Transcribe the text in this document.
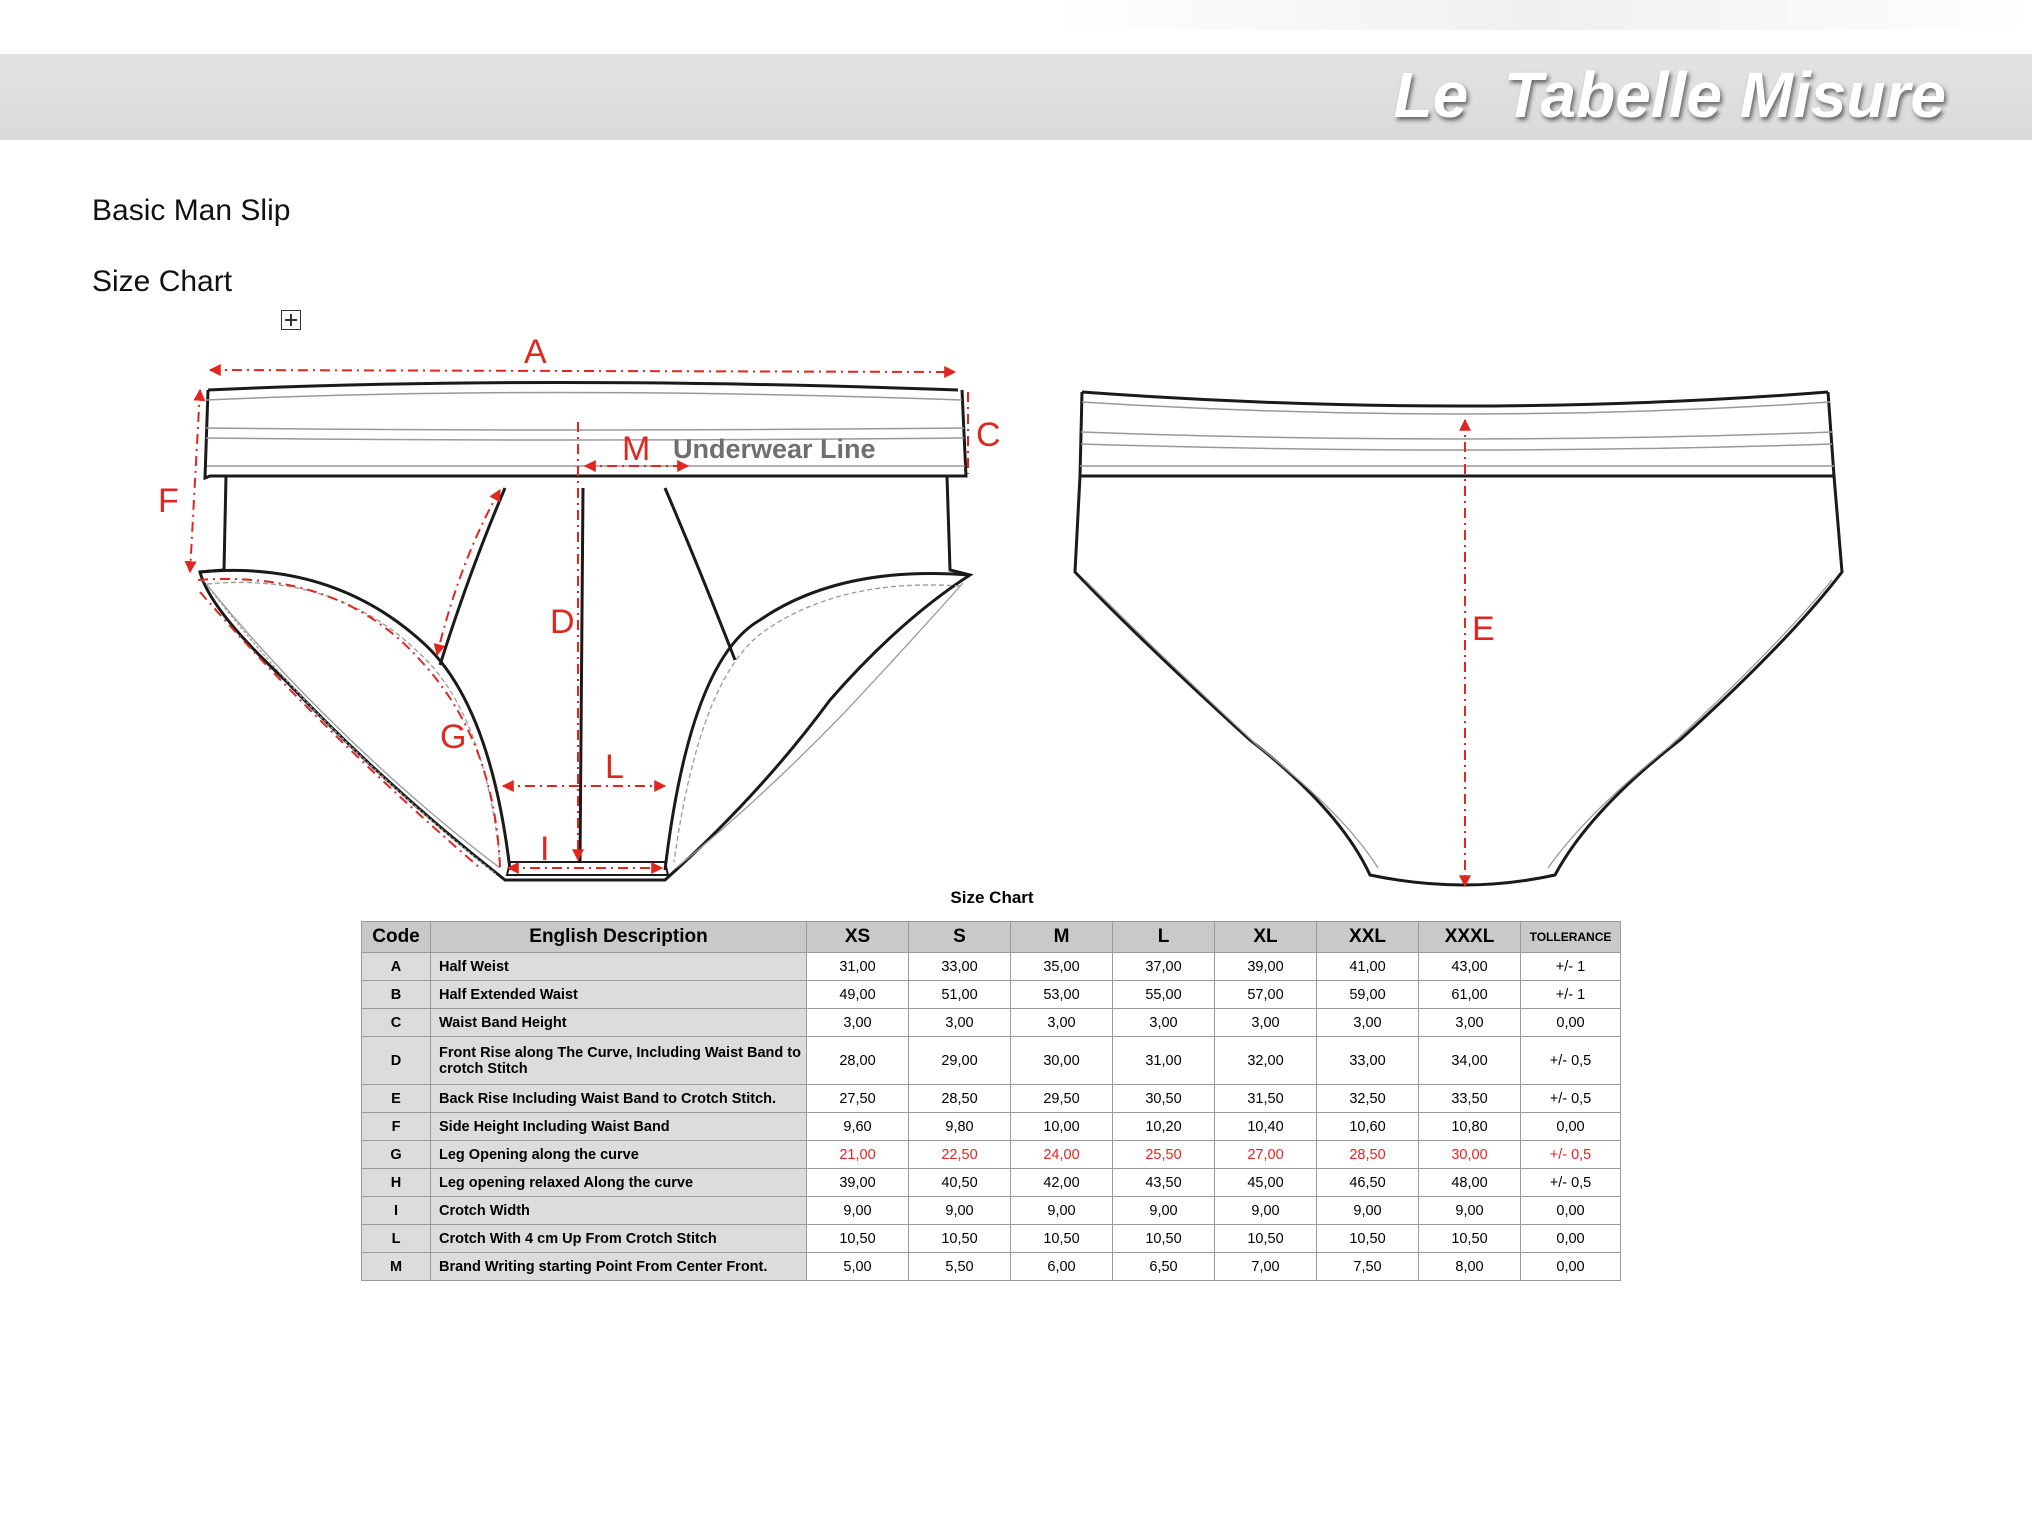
Le  Tabelle Misure
Basic Man Slip
Size Chart
A
C
F
D
M
G
L
I
E
Underwear Line
Size Chart
Code	English Description	XS	S	M	L	XL	XXL	XXXL	TOLLERANCE
A	Half Weist	31,00	33,00	35,00	37,00	39,00	41,00	43,00	+/- 1
B	Half Extended Waist	49,00	51,00	53,00	55,00	57,00	59,00	61,00	+/- 1
C	Waist Band Height	3,00	3,00	3,00	3,00	3,00	3,00	3,00	0,00
D	Front Rise along The Curve, Including Waist Band to crotch Stitch	28,00	29,00	30,00	31,00	32,00	33,00	34,00	+/- 0,5
E	Back Rise Including Waist Band to Crotch Stitch.	27,50	28,50	29,50	30,50	31,50	32,50	33,50	+/- 0,5
F	Side Height Including Waist Band	9,60	9,80	10,00	10,20	10,40	10,60	10,80	0,00
G	Leg Opening along the curve	21,00	22,50	24,00	25,50	27,00	28,50	30,00	+/- 0,5
H	Leg opening relaxed Along the curve	39,00	40,50	42,00	43,50	45,00	46,50	48,00	+/- 0,5
I	Crotch Width	9,00	9,00	9,00	9,00	9,00	9,00	9,00	0,00
L	Crotch With 4 cm Up From Crotch Stitch	10,50	10,50	10,50	10,50	10,50	10,50	10,50	0,00
M	Brand Writing starting Point From Center Front.	5,00	5,50	6,00	6,50	7,00	7,50	8,00	0,00
